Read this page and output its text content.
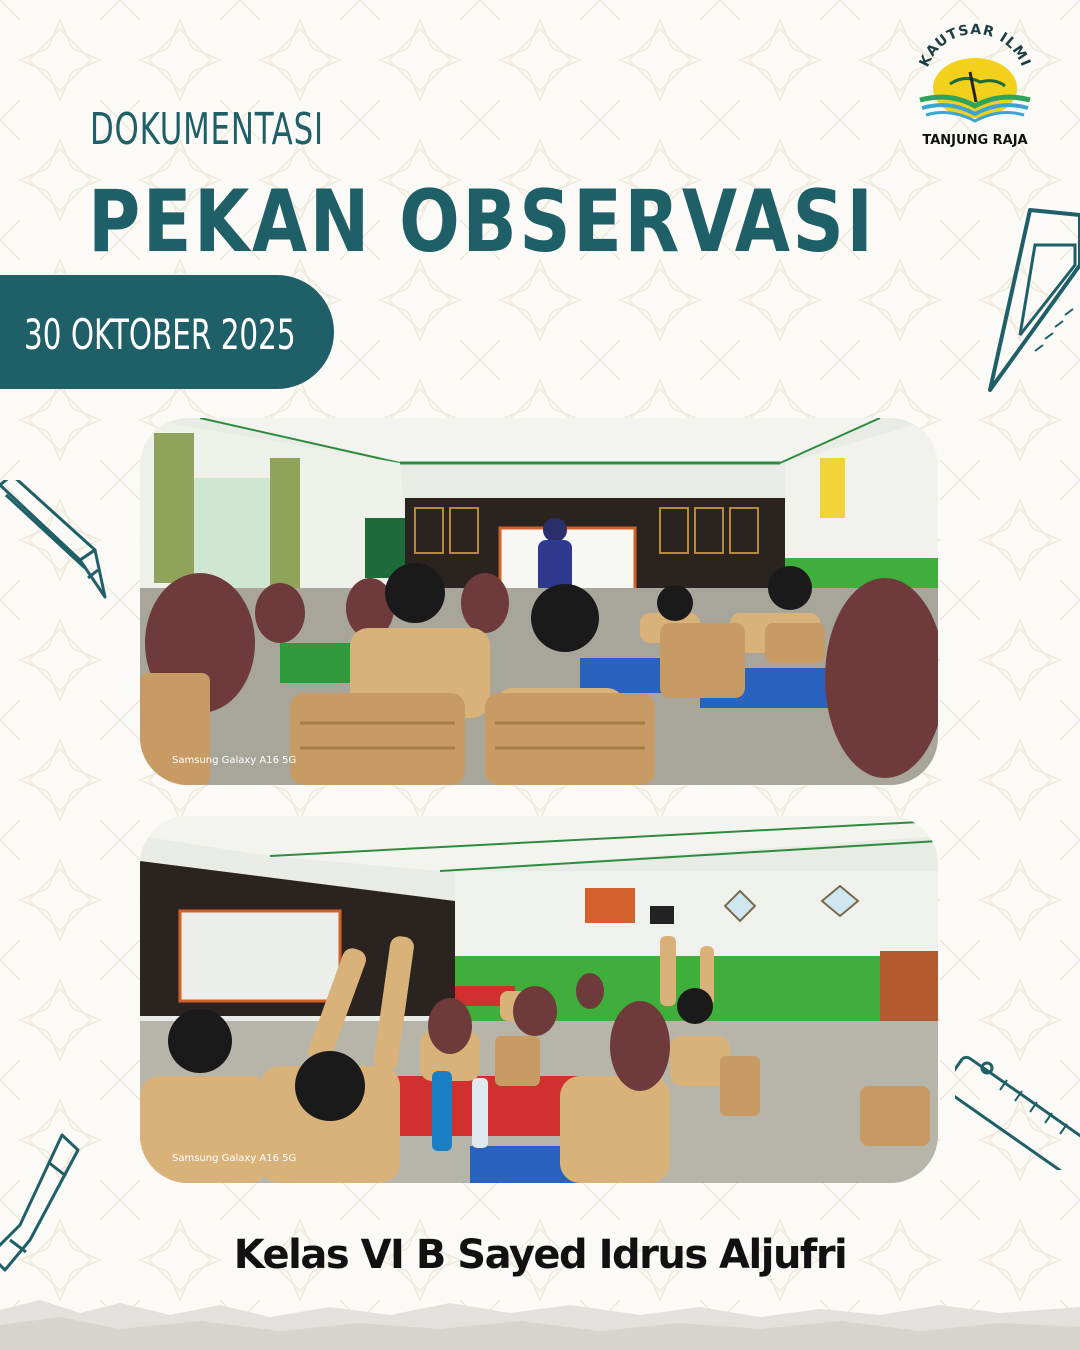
DOKUMENTASI
PEKAN OBSERVASI
30 OKTOBER 2025
KAUTSAR ILMI
TANJUNG RAJA
Samsung Galaxy A16 5G
Samsung Galaxy A16 5G
Kelas VI B Sayed Idrus Aljufri
